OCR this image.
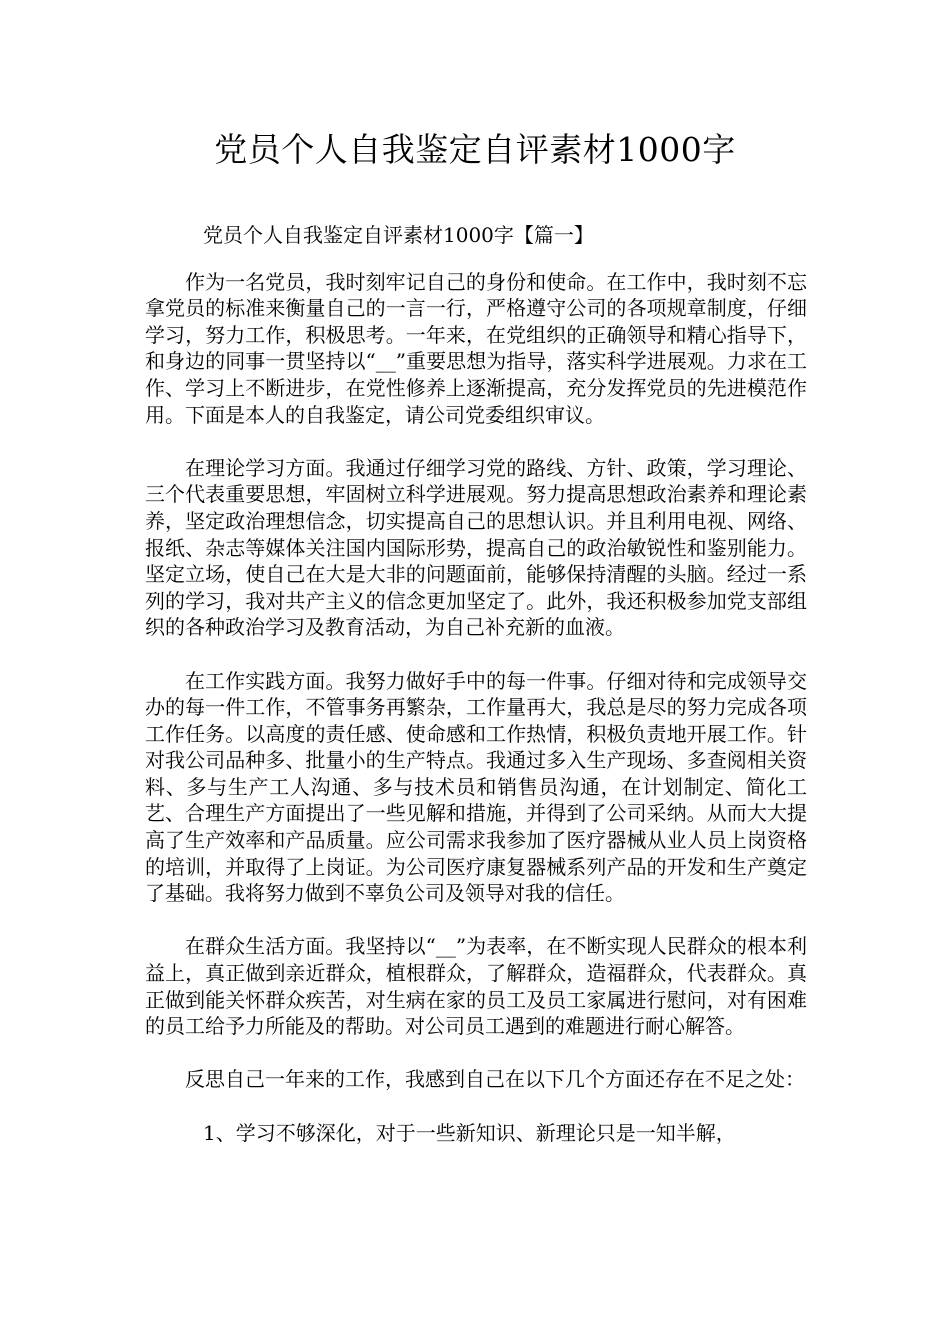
党员个人自我鉴定自评素材1000字

党员个人自我鉴定自评素材1000字【篇一】

作为一名党员，我时刻牢记自己的身份和使命。在工作中，我时刻不忘拿党员的标准来衡量自己的一言一行，严格遵守公司的各项规章制度，仔细学习，努力工作，积极思考。一年来，在党组织的正确领导和精心指导下，和身边的同事一贯坚持以“__”重要思想为指导，落实科学进展观。力求在工作、学习上不断进步，在党性修养上逐渐提高，充分发挥党员的先进模范作用。下面是本人的自我鉴定，请公司党委组织审议。

在理论学习方面。我通过仔细学习党的路线、方针、政策，学习理论、三个代表重要思想，牢固树立科学进展观。努力提高思想政治素养和理论素养，坚定政治理想信念，切实提高自己的思想认识。并且利用电视、网络、报纸、杂志等媒体关注国内国际形势，提高自己的政治敏锐性和鉴别能力。坚定立场，使自己在大是大非的问题面前，能够保持清醒的头脑。经过一系列的学习，我对共产主义的信念更加坚定了。此外，我还积极参加党支部组织的各种政治学习及教育活动，为自己补充新的血液。

在工作实践方面。我努力做好手中的每一件事。仔细对待和完成领导交办的每一件工作，不管事务再繁杂，工作量再大，我总是尽的努力完成各项工作任务。以高度的责任感、使命感和工作热情，积极负责地开展工作。针对我公司品种多、批量小的生产特点。我通过多入生产现场、多查阅相关资料、多与生产工人沟通、多与技术员和销售员沟通，在计划制定、简化工艺、合理生产方面提出了一些见解和措施，并得到了公司采纳。从而大大提高了生产效率和产品质量。应公司需求我参加了医疗器械从业人员上岗资格的培训，并取得了上岗证。为公司医疗康复器械系列产品的开发和生产奠定了基础。我将努力做到不辜负公司及领导对我的信任。

在群众生活方面。我坚持以“__”为表率，在不断实现人民群众的根本利益上，真正做到亲近群众，植根群众，了解群众，造福群众，代表群众。真正做到能关怀群众疾苦，对生病在家的员工及员工家属进行慰问，对有困难的员工给予力所能及的帮助。对公司员工遇到的难题进行耐心解答。

反思自己一年来的工作，我感到自己在以下几个方面还存在不足之处：

1、学习不够深化，对于一些新知识、新理论只是一知半解，
